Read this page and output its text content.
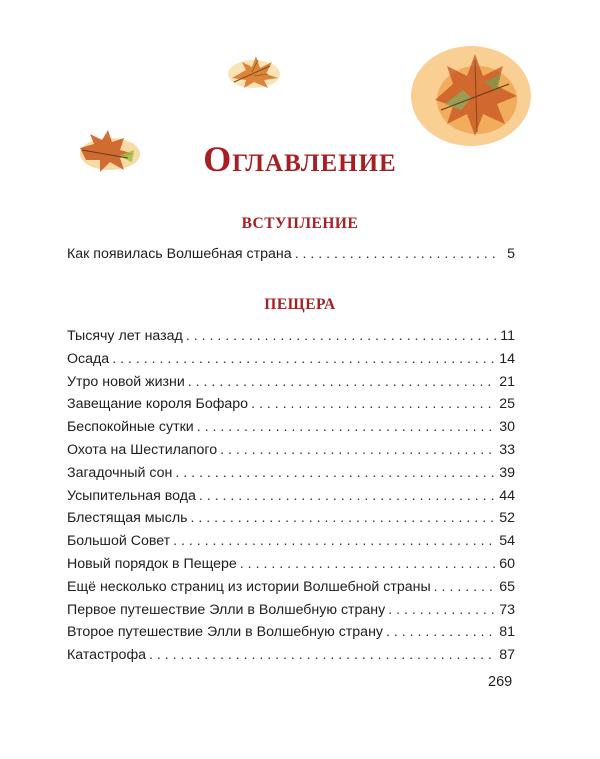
Оглавление
ВСТУПЛЕНИЕ
Как появилась Волшебная страна . . .	5
ПЕЩЕРА
Тысячу лет назад . . .	11
Осада . . .	14
Утро новой жизни . . .	21
Завещание короля Бофаро . . .	25
Беспокойные сутки . . .	30
Охота на Шестилапого . . .	33
Загадочный сон . . .	39
Усыпительная вода . . .	44
Блестящая мысль . . .	52
Большой Совет . . .	54
Новый порядок в Пещере . . .	60
Ещё несколько страниц из истории Волшебной страны . . .	65
Первое путешествие Элли в Волшебную страну . . .	73
Второе путешествие Элли в Волшебную страну . . .	81
Катастрофа . . .	87
269
